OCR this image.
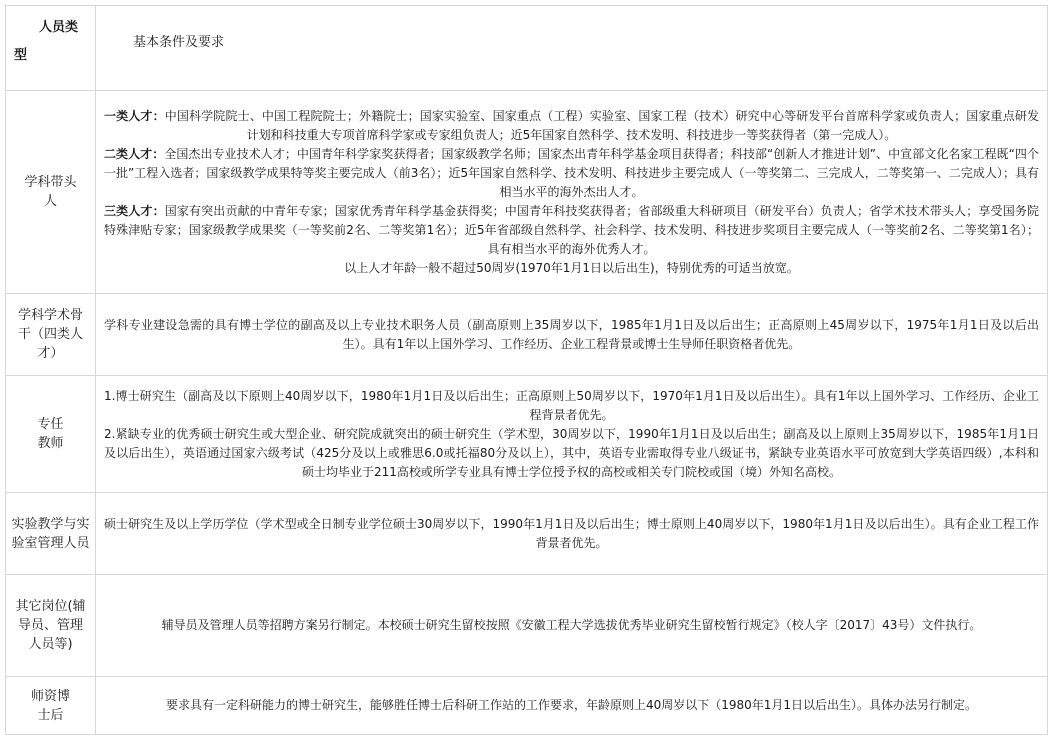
人员类
型	基本条件及要求
学科带头人	一类人才：中国科学院院士、中国工程院院士；外籍院士；国家实验室、国家重点（工程）实验室、国家工程（技术）研究中心等研发平台首席科学家或负责人；国家重点研发计划和科技重大专项首席科学家或专家组负责人；近5年国家自然科学、技术发明、科技进步一等奖获得者（第一完成人）。
二类人才：全国杰出专业技术人才；中国青年科学家奖获得者；国家级教学名师；国家杰出青年科学基金项目获得者；科技部“创新人才推进计划”、中宣部文化名家工程既“四个一批”工程入选者；国家级教学成果特等奖主要完成人（前3名）；近5年国家自然科学、技术发明、科技进步主要完成人（一等奖第二、三完成人，二等奖第一、二完成人）；具有相当水平的海外杰出人才。
三类人才：国家有突出贡献的中青年专家；国家优秀青年科学基金获得奖；中国青年科技奖获得者；省部级重大科研项目（研发平台）负责人；省学术技术带头人；享受国务院特殊津贴专家；国家级教学成果奖（一等奖前2名、二等奖第1名）；近5年省部级自然科学、社会科学、技术发明、科技进步奖项目主要完成人（一等奖前2名、二等奖第1名）；具有相当水平的海外优秀人才。
以上人才年龄一般不超过50周岁(1970年1月1日以后出生)，特别优秀的可适当放宽。

学科学术骨干（四类人才）	学科专业建设急需的具有博士学位的副高及以上专业技术职务人员（副高原则上35周岁以下，1985年1月1日及以后出生；正高原则上45周岁以下，1975年1月1日及以后出生）。具有1年以上国外学习、工作经历、企业工程背景或博士生导师任职资格者优先。

专任教师	1.博士研究生（副高及以下原则上40周岁以下，1980年1月1日及以后出生；正高原则上50周岁以下，1970年1月1日及以后出生）。具有1年以上国外学习、工作经历、企业工程背景者优先。
2.紧缺专业的优秀硕士研究生或大型企业、研究院成就突出的硕士研究生（学术型，30周岁以下，1990年1月1日及以后出生；副高及以上原则上35周岁以下，1985年1月1日及以后出生），英语通过国家六级考试（425分及以上或雅思6.0或托福80分及以上），其中，英语专业需取得专业八级证书，紧缺专业英语水平可放宽到大学英语四级）,本科和硕士均毕业于211高校或所学专业具有博士学位授予权的高校或相关专门院校或国（境）外知名高校。

实验教学与实验室管理人员	硕士研究生及以上学历学位（学术型或全日制专业学位硕士30周岁以下，1990年1月1日及以后出生；博士原则上40周岁以下，1980年1月1日及以后出生）。具有企业工程工作背景者优先。

其它岗位(辅导员、管理人员等)	辅导员及管理人员等招聘方案另行制定。本校硕士研究生留校按照《安徽工程大学选拔优秀毕业研究生留校暂行规定》（校人字〔2017〕43号）文件执行。

师资博士后	要求具有一定科研能力的博士研究生，能够胜任博士后科研工作站的工作要求，年龄原则上40周岁以下（1980年1月1日以后出生）。具体办法另行制定。
